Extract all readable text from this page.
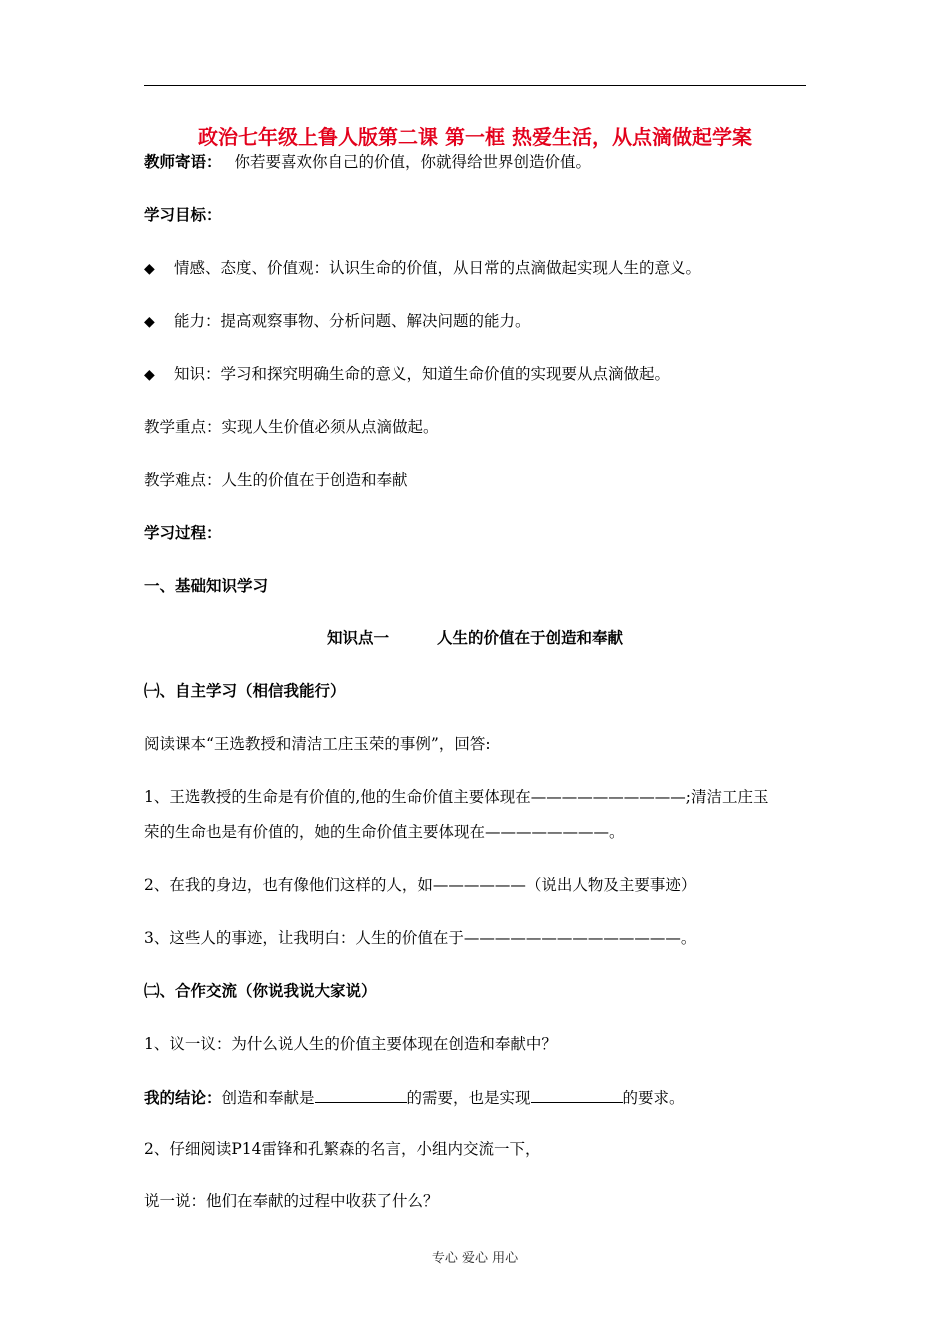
政治七年级上鲁人版第二课 第一框 热爱生活，从点滴做起学案
教师寄语： 你若要喜欢你自己的价值，你就得给世界创造价值。
学习目标：
◆ 情感、态度、价值观：认识生命的价值，从日常的点滴做起实现人生的意义。
◆ 能力：提高观察事物、分析问题、解决问题的能力。
◆ 知识：学习和探究明确生命的意义，知道生命价值的实现要从点滴做起。
教学重点：实现人生价值必须从点滴做起。
教学难点：人生的价值在于创造和奉献
学习过程：
一、基础知识学习
知识点一	人生的价值在于创造和奉献
㈠、自主学习（相信我能行）
阅读课本“王选教授和清洁工庄玉荣的事例”，回答:
1、王选教授的生命是有价值的,他的生命价值主要体现在——————————;清洁工庄玉
荣的生命也是有价值的，她的生命价值主要体现在————————。
2、在我的身边，也有像他们这样的人，如——————（说出人物及主要事迹）
3、这些人的事迹，让我明白：人生的价值在于——————————————。
㈡、合作交流（你说我说大家说）
1、议一议：为什么说人生的价值主要体现在创造和奉献中？
我的结论：创造和奉献是	的需要，也是实现	的要求。
2、仔细阅读P14雷锋和孔繁森的名言，小组内交流一下，
说一说：他们在奉献的过程中收获了什么？
专心 爱心 用心
